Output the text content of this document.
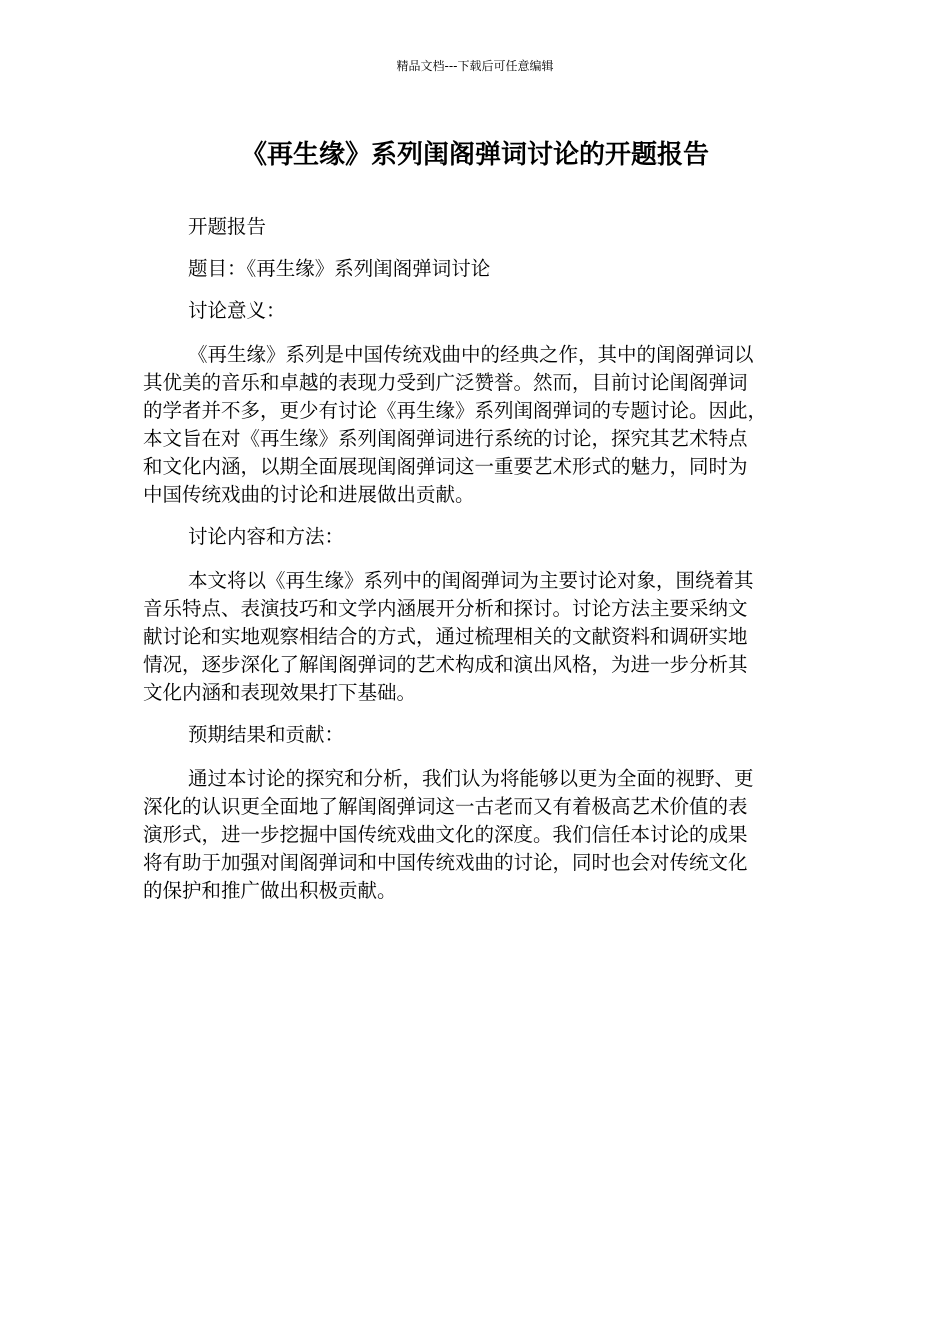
精品文档---下载后可任意编辑
《再生缘》系列闺阁弹词讨论的开题报告

开题报告

题目：《再生缘》系列闺阁弹词讨论

讨论意义：

《再生缘》系列是中国传统戏曲中的经典之作，其中的闺阁弹词以

其优美的音乐和卓越的表现力受到广泛赞誉。然而，目前讨论闺阁弹词

的学者并不多，更少有讨论《再生缘》系列闺阁弹词的专题讨论。因此，

本文旨在对《再生缘》系列闺阁弹词进行系统的讨论，探究其艺术特点

和文化内涵，以期全面展现闺阁弹词这一重要艺术形式的魅力，同时为

中国传统戏曲的讨论和进展做出贡献。

讨论内容和方法：

本文将以《再生缘》系列中的闺阁弹词为主要讨论对象，围绕着其

音乐特点、表演技巧和文学内涵展开分析和探讨。讨论方法主要采纳文

献讨论和实地观察相结合的方式，通过梳理相关的文献资料和调研实地

情况，逐步深化了解闺阁弹词的艺术构成和演出风格，为进一步分析其

文化内涵和表现效果打下基础。

预期结果和贡献：

通过本讨论的探究和分析，我们认为将能够以更为全面的视野、更

深化的认识更全面地了解闺阁弹词这一古老而又有着极高艺术价值的表

演形式，进一步挖掘中国传统戏曲文化的深度。我们信任本讨论的成果

将有助于加强对闺阁弹词和中国传统戏曲的讨论，同时也会对传统文化

的保护和推广做出积极贡献。
